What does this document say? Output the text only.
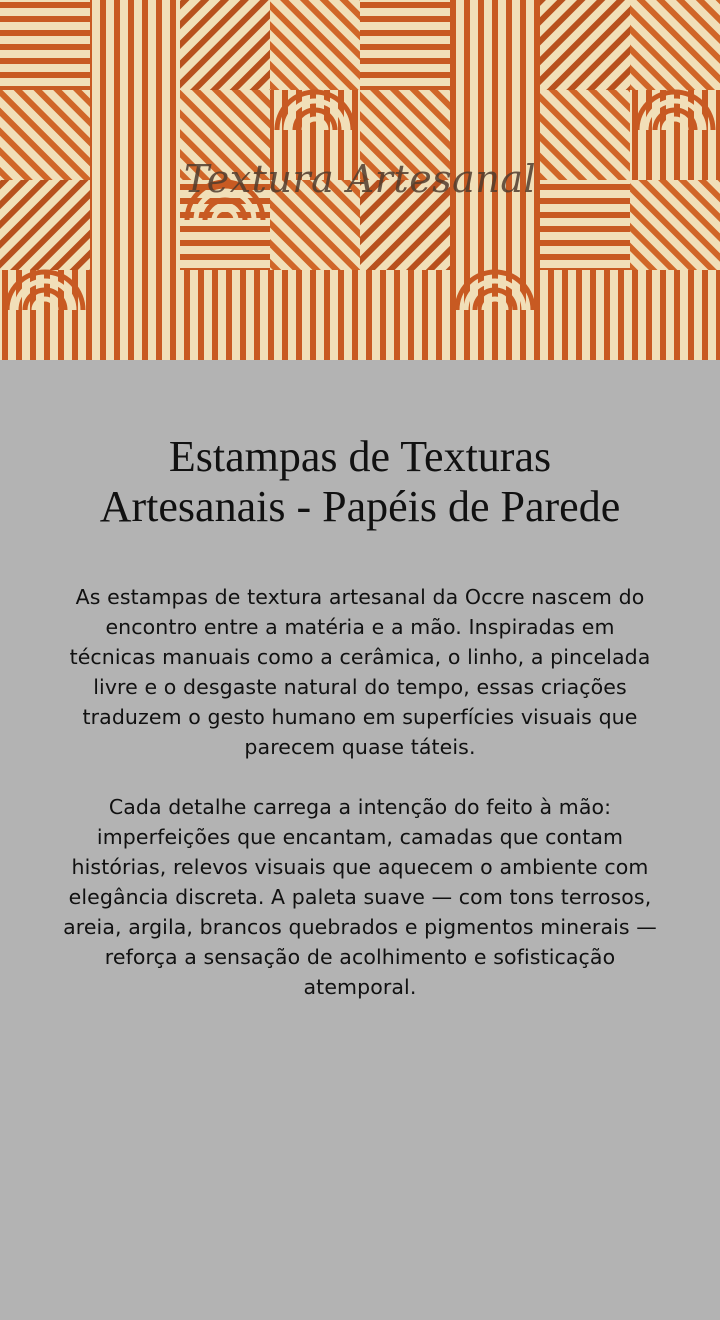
Textura Artesanal
Estampas de Texturas
Artesanais - Papéis de Parede

As estampas de textura artesanal da Occre nascem do encontro entre a matéria e a mão. Inspiradas em técnicas manuais como a cerâmica, o linho, a pincelada livre e o desgaste natural do tempo, essas criações traduzem o gesto humano em superfícies visuais que parecem quase táteis.

Cada detalhe carrega a intenção do feito à mão: imperfeições que encantam, camadas que contam histórias, relevos visuais que aquecem o ambiente com elegância discreta. A paleta suave — com tons terrosos, areia, argila, brancos quebrados e pigmentos minerais — reforça a sensação de acolhimento e sofisticação atemporal.
